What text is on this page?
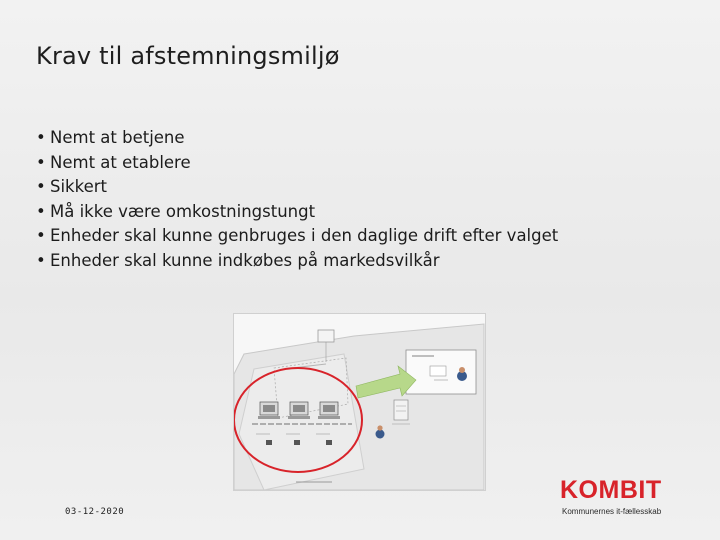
Krav til afstemningsmiljø
• Nemt at betjene
• Nemt at etablere
• Sikkert
• Må ikke være omkostningstungt
• Enheder skal kunne genbruges i den daglige drift efter valget
• Enheder skal kunne indkøbes på markedsvilkår
03-12-2020
KOMBIT
Kommunernes it-fællesskab
